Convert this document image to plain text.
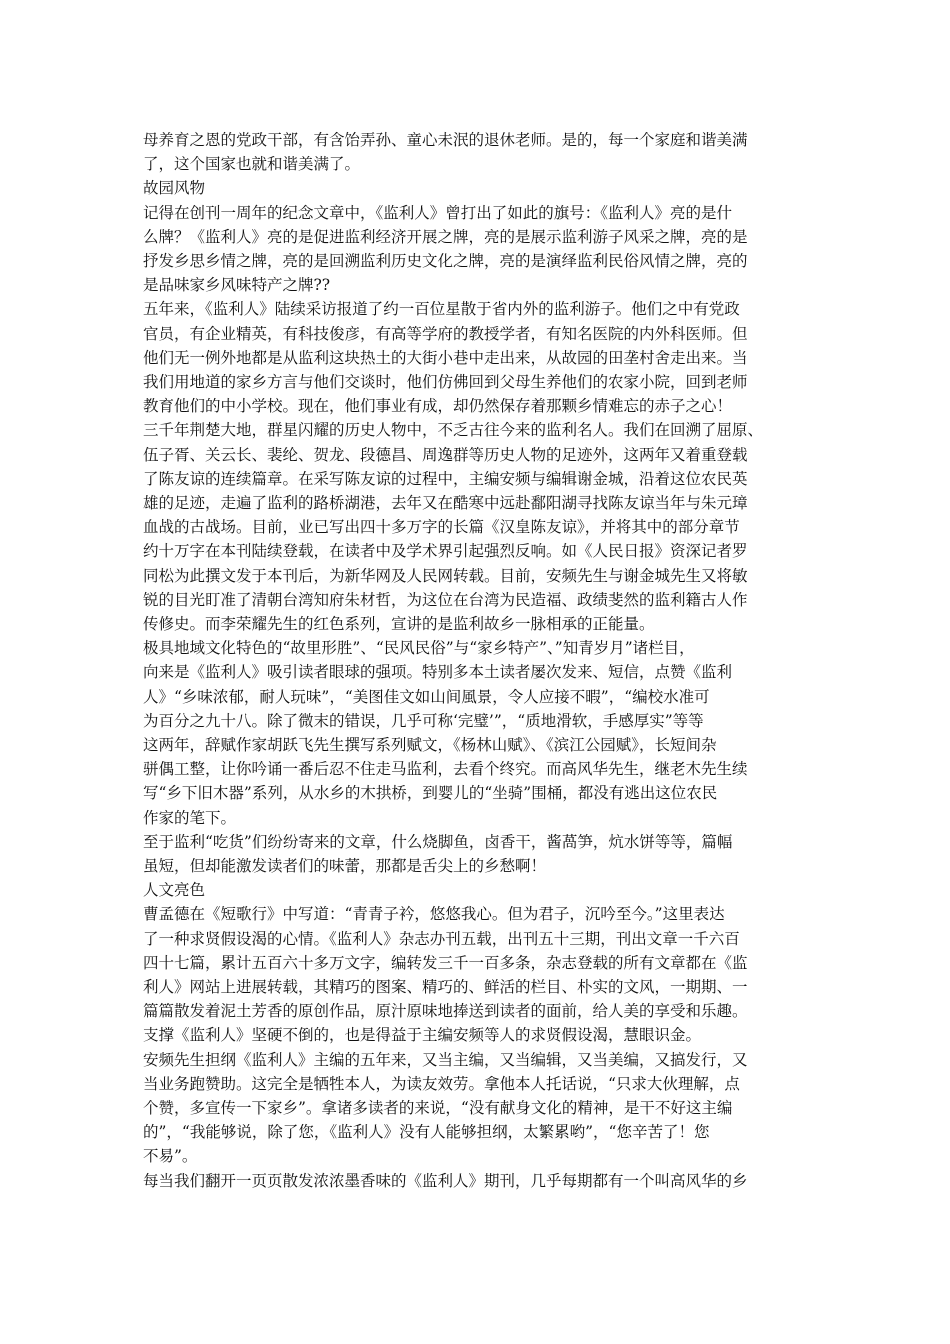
母养育之恩的党政干部，有含饴弄孙、童心未泯的退休老师。是的，每一个家庭和谐美满
了，这个国家也就和谐美满了。
故园风物
记得在创刊一周年的纪念文章中，《监利人》曾打出了如此的旗号：《监利人》亮的是什
么牌？《监利人》亮的是促进监利经济开展之牌，亮的是展示监利游子风采之牌，亮的是
抒发乡思乡情之牌，亮的是回溯监利历史文化之牌，亮的是演绎监利民俗风情之牌，亮的
是品味家乡风味特产之牌??
五年来，《监利人》陆续采访报道了约一百位星散于省内外的监利游子。他们之中有党政
官员，有企业精英，有科技俊彦，有高等学府的教授学者，有知名医院的内外科医师。但
他们无一例外地都是从监利这块热土的大街小巷中走出来，从故园的田垄村舍走出来。当
我们用地道的家乡方言与他们交谈时，他们仿佛回到父母生养他们的农家小院，回到老师
教育他们的中小学校。现在，他们事业有成，却仍然保存着那颗乡情难忘的赤子之心！
三千年荆楚大地，群星闪耀的历史人物中，不乏古往今来的监利名人。我们在回溯了屈原、
伍子胥、关云长、裴纶、贺龙、段德昌、周逸群等历史人物的足迹外，这两年又着重登载
了陈友谅的连续篇章。在采写陈友谅的过程中，主编安频与编辑谢金城，沿着这位农民英
雄的足迹，走遍了监利的路桥湖港，去年又在酷寒中远赴鄱阳湖寻找陈友谅当年与朱元璋
血战的古战场。目前，业已写出四十多万字的长篇《汉皇陈友谅》，并将其中的部分章节
约十万字在本刊陆续登载，在读者中及学术界引起强烈反响。如《人民日报》资深记者罗
同松为此撰文发于本刊后，为新华网及人民网转载。目前，安频先生与谢金城先生又将敏
锐的目光盯准了清朝台湾知府朱材哲，为这位在台湾为民造福、政绩斐然的监利籍古人作
传修史。而李荣耀先生的红色系列，宣讲的是监利故乡一脉相承的正能量。
极具地域文化特色的“故里形胜”、“民风民俗”与“家乡特产”、”知青岁月”诸栏目，
向来是《监利人》吸引读者眼球的强项。特别多本土读者屡次发来、短信，点赞《监利
人》“乡味浓郁，耐人玩味”，“美图佳文如山间風景，令人应接不暇”，“编校水准可
为百分之九十八。除了微末的错误，几乎可称‘完璧’”，“质地滑软，手感厚实”等等
这两年，辞赋作家胡跃飞先生撰写系列赋文，《杨林山赋》、《滨江公园赋》，长短间杂
骈偶工整，让你吟诵一番后忍不住走马监利，去看个终究。而高风华先生，继老木先生续
写“乡下旧木器”系列，从水乡的木拱桥，到婴儿的“坐骑”围桶，都没有逃出这位农民
作家的笔下。
至于监利“吃货”们纷纷寄来的文章，什么烧脚鱼，卤香干，酱萵笋，炕水饼等等，篇幅
虽短，但却能激发读者们的味蕾，那都是舌尖上的乡愁啊！
人文亮色
曹孟德在《短歌行》中写道：“青青子衿，悠悠我心。但为君子，沉吟至今。”这里表达
了一种求贤假设渴的心情。《监利人》杂志办刊五载，出刊五十三期，刊出文章一千六百
四十七篇，累计五百六十多万文字，编转发三千一百多条，杂志登载的所有文章都在《监
利人》网站上进展转载，其精巧的图案、精巧的、鲜活的栏目、朴实的文风，一期期、一
篇篇散发着泥土芳香的原创作品，原汁原味地捧送到读者的面前，给人美的享受和乐趣。
支撑《监利人》坚硬不倒的，也是得益于主编安频等人的求贤假设渴，慧眼识金。
安频先生担纲《监利人》主编的五年来，又当主编，又当编辑，又当美编，又搞发行，又
当业务跑赞助。这完全是牺牲本人，为读友效劳。拿他本人托话说，“只求大伙理解，点
个赞，多宣传一下家乡”。拿诸多读者的来说，“没有献身文化的精神，是干不好这主编
的”，“我能够说，除了您，《监利人》没有人能够担纲，太繁累哟”，“您辛苦了！您
不易”。
每当我们翻开一页页散发浓浓墨香味的《监利人》期刊，几乎每期都有一个叫高风华的乡
